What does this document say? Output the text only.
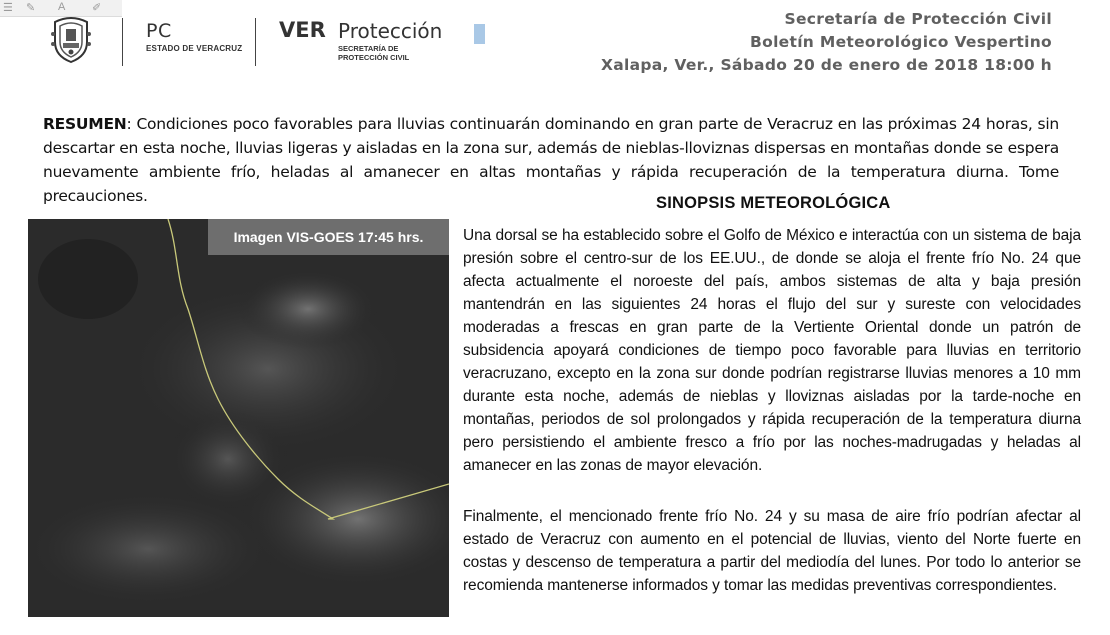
☰ ✎ A ✐
PC
ESTADO DE VERACRUZ
VER Protección
SECRETARÍA DE
PROTECCIÓN CIVIL
Secretaría de Protección Civil
Boletín Meteorológico Vespertino
Xalapa, Ver., Sábado 20 de enero de 2018 18:00 h
RESUMEN: Condiciones poco favorables para lluvias continuarán dominando en gran parte de Veracruz en las próximas 24 horas, sin descartar en esta noche, lluvias ligeras y aisladas en la zona sur, además de nieblas-lloviznas dispersas en montañas donde se espera nuevamente ambiente frío, heladas al amanecer en altas montañas y rápida recuperación de la temperatura diurna. Tome precauciones.	SINOPSIS METEOROLÓGICA
Imagen VIS-GOES 17:45 hrs.	Una dorsal se ha establecido sobre el Golfo de México e interactúa con un sistema de baja presión sobre el centro-sur de los EE.UU., de donde se aloja el frente frío No. 24 que afecta actualmente el noroeste del país, ambos sistemas de alta y baja presión mantendrán en las siguientes 24 horas el flujo del sur y sureste con velocidades moderadas a frescas en gran parte de la Vertiente Oriental donde un patrón de subsidencia apoyará condiciones de tiempo poco favorable para lluvias en territorio veracruzano, excepto en la zona sur donde podrían registrarse lluvias menores a 10 mm durante esta noche, además de nieblas y lloviznas aisladas por la tarde-noche en montañas, periodos de sol prolongados y rápida recuperación de la temperatura diurna pero persistiendo el ambiente fresco a frío por las noches-madrugadas y heladas al amanecer en las zonas de mayor elevación.
Finalmente, el mencionado frente frío No. 24 y su masa de aire frío podrían afectar al estado de Veracruz con aumento en el potencial de lluvias, viento del Norte fuerte en costas y descenso de temperatura a partir del mediodía del lunes. Por todo lo anterior se recomienda mantenerse informados y tomar las medidas preventivas correspondientes.
